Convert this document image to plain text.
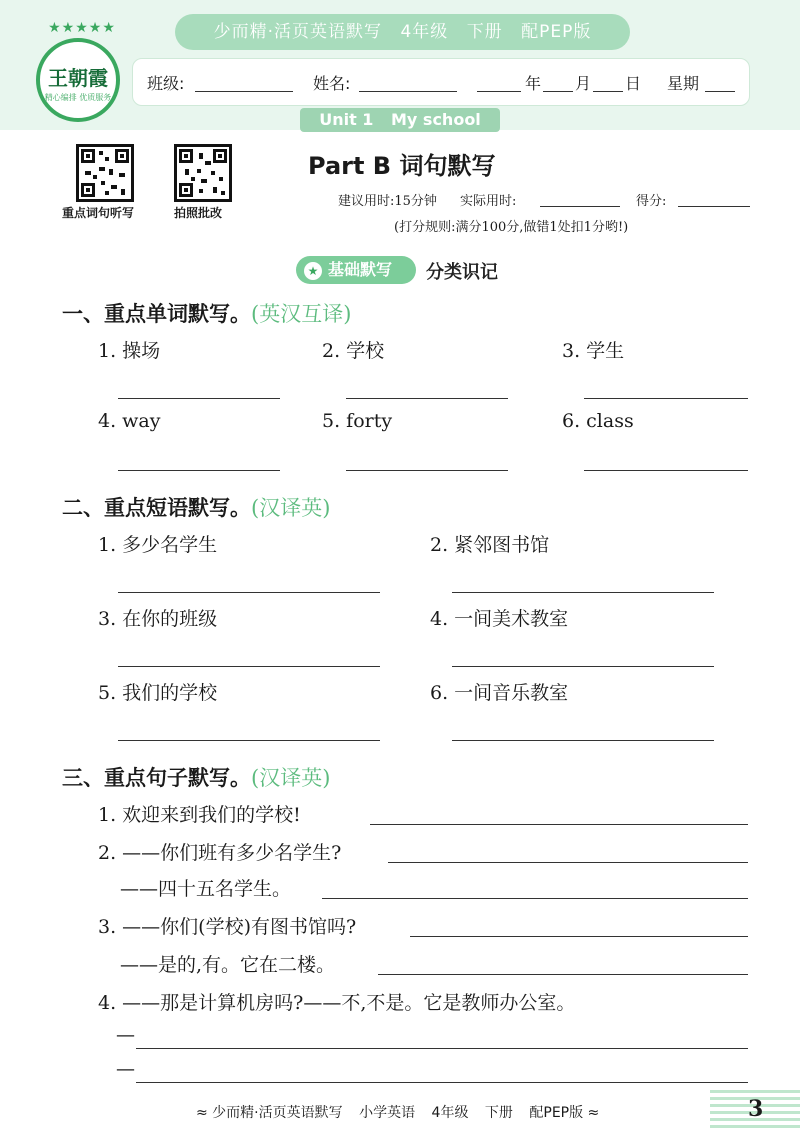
少而精·活页英语默写 4年级 下册 配PEP版
★★★★★
王朝霞
精心编排 优质服务
班级:	姓名:	年 月 日 星期
Unit 1 My school
重点词句听写	拍照批改
Part B 词句默写
建议用时:15分钟 实际用时:	得分:
(打分规则:满分100分,做错1处扣1分哟!)
★ 基础默写	分类识记
一、重点单词默写。(英汉互译)
1. 操场	2. 学校	3. 学生
4. way	5. forty	6. class
二、重点短语默写。(汉译英)
1. 多少名学生	2. 紧邻图书馆
3. 在你的班级	4. 一间美术教室
5. 我们的学校	6. 一间音乐教室
三、重点句子默写。(汉译英)
1. 欢迎来到我们的学校!
2. ——你们班有多少名学生?
——四十五名学生。
3. ——你们(学校)有图书馆吗?
——是的,有。它在二楼。
4. ——那是计算机房吗?——不,不是。它是教师办公室。
—
—
≈ 少而精·活页英语默写 小学英语 4年级 下册 配PEP版 ≈	3
